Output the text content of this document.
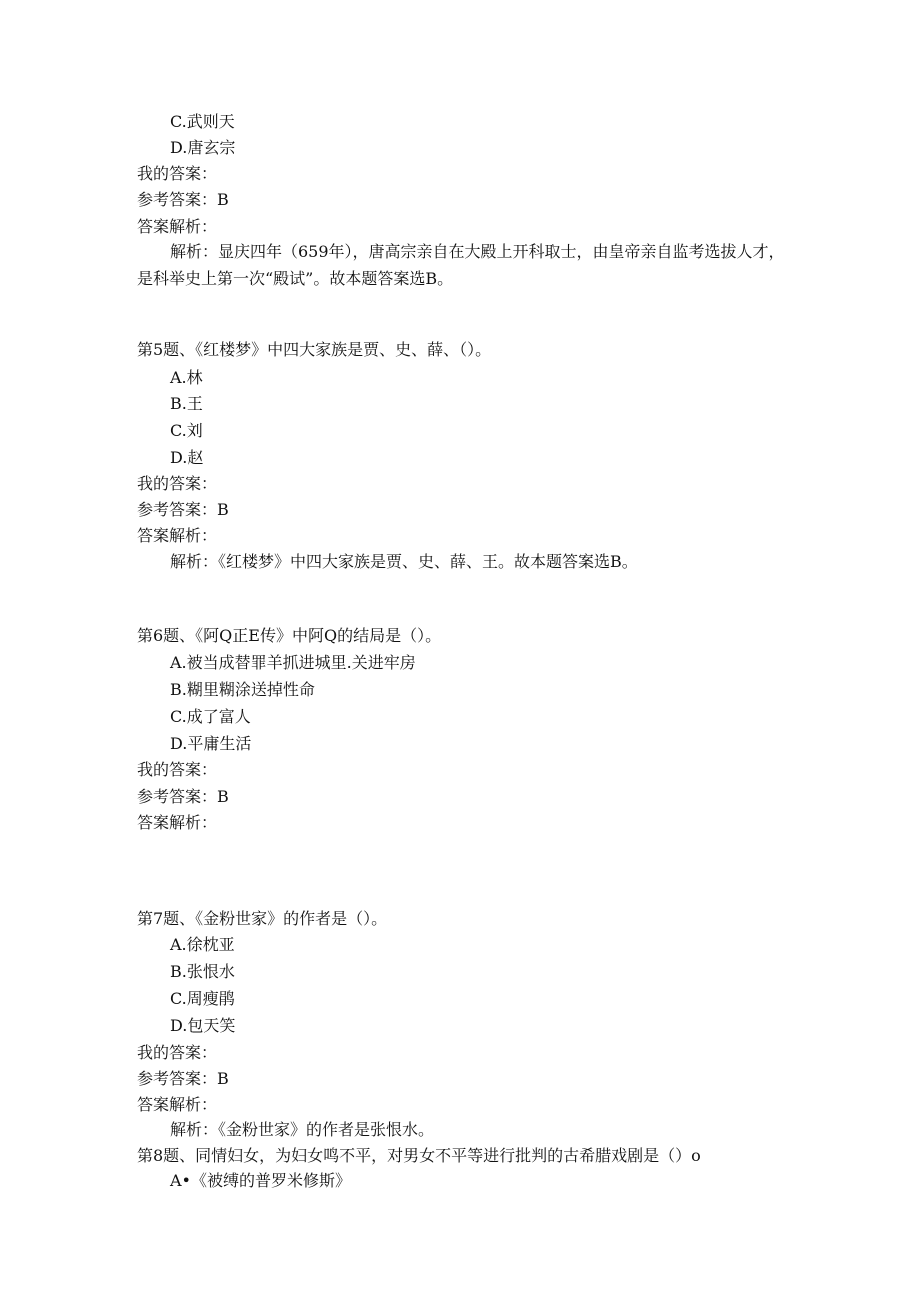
C.武则天
D.唐玄宗
我的答案：
参考答案：B
答案解析：
解析：显庆四年（659年），唐高宗亲自在大殿上开科取士，由皇帝亲自监考选拔人才，是科举史上第一次“殿试”。故本题答案选B。
第5题、《红楼梦》中四大家族是贾、史、薛、（）。
A.林
B.王
C.刘
D.赵
我的答案：
参考答案：B
答案解析：
解析：《红楼梦》中四大家族是贾、史、薛、王。故本题答案选B。
第6题、《阿Q正E传》中阿Q的结局是（）。
A.被当成替罪羊抓进城里.关进牢房
B.糊里糊涂送掉性命
C.成了富人
D.平庸生活
我的答案：
参考答案：B
答案解析：
第7题、《金粉世家》的作者是（）。
A.徐枕亚
B.张恨水
C.周瘦鹃
D.包天笑
我的答案：
参考答案：B
答案解析：
解析：《金粉世家》的作者是张恨水。
第8题、同情妇女，为妇女鸣不平，对男女不平等进行批判的古希腊戏剧是（）o
A•《被缚的普罗米修斯》
